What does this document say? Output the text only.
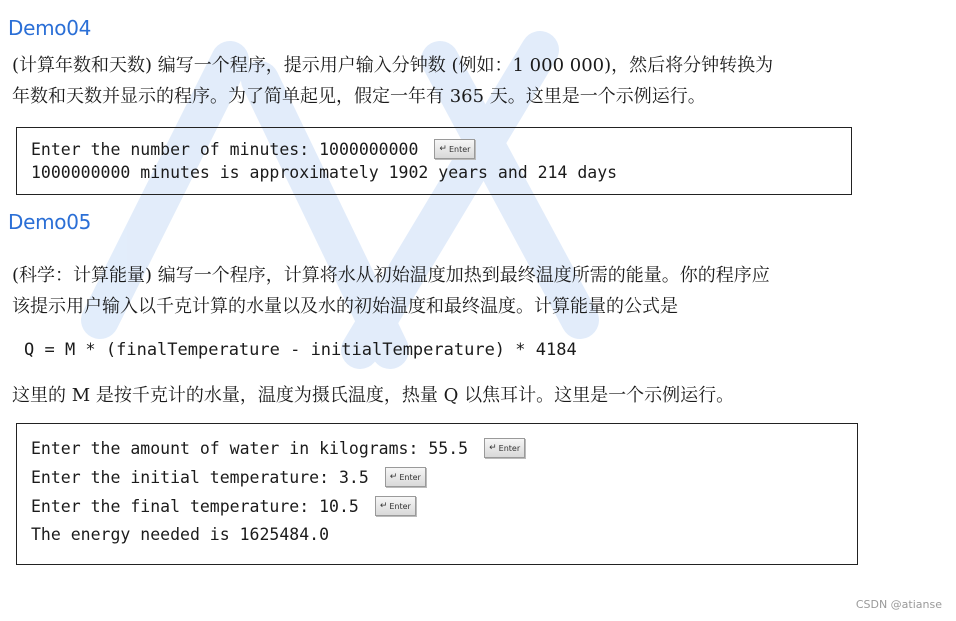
Demo04
(计算年数和天数) 编写一个程序，提示用户输入分钟数 (例如：1 000 000)，然后将分钟转换为
年数和天数并显示的程序。为了简单起见，假定一年有 365 天。这里是一个示例运行。
Enter the number of minutes: 1000000000 ↵ Enter
1000000000 minutes is approximately 1902 years and 214 days
Demo05
(科学：计算能量) 编写一个程序，计算将水从初始温度加热到最终温度所需的能量。你的程序应
该提示用户输入以千克计算的水量以及水的初始温度和最终温度。计算能量的公式是
Q = M * (finalTemperature - initialTemperature) * 4184
这里的 M 是按千克计的水量，温度为摄氏温度，热量 Q 以焦耳计。这里是一个示例运行。
Enter the amount of water in kilograms: 55.5 ↵ Enter
Enter the initial temperature: 3.5 ↵ Enter
Enter the final temperature: 10.5 ↵ Enter
The energy needed is 1625484.0
CSDN @atianse
